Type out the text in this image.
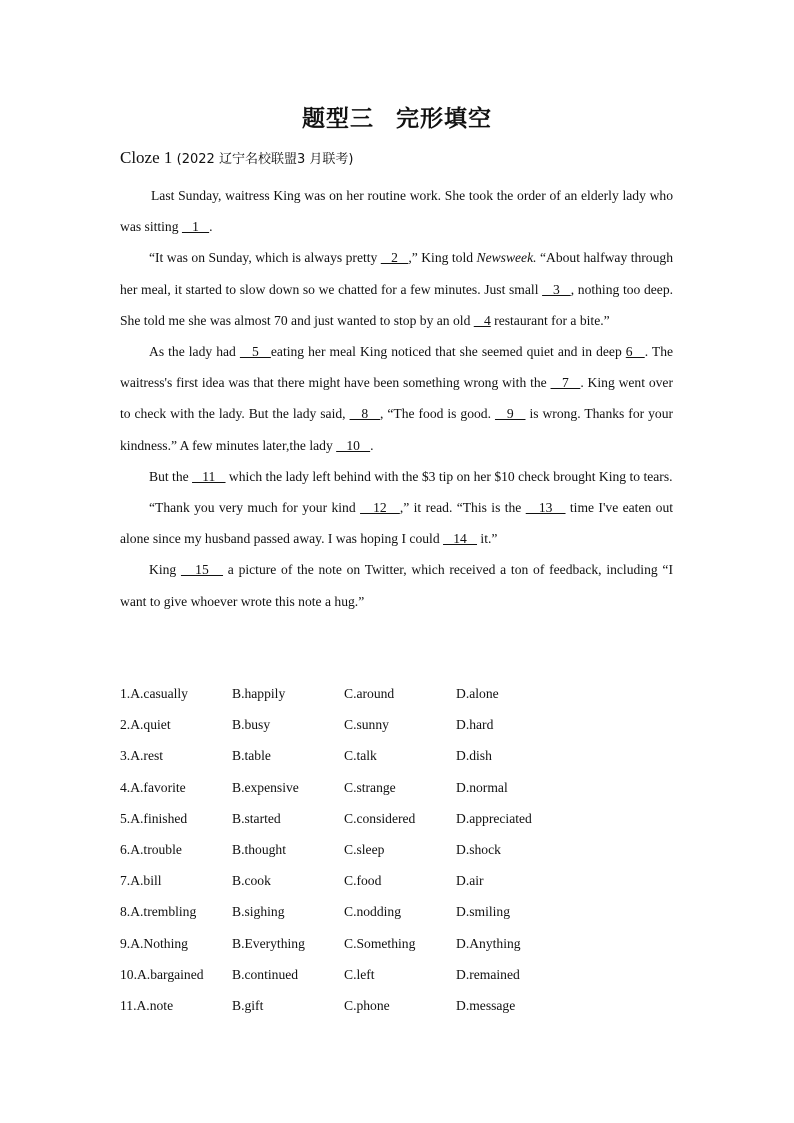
题型三 完形填空
Cloze 1 (2022 辽宁名校联盟3 月联考)

Last Sunday, waitress King was on her routine work. She took the order of an elderly lady who was sitting    1   .

“It was on Sunday, which is always pretty    2   ,” King told Newsweek. “About halfway through her meal, it started to slow down so we chatted for a few minutes. Just small    3   , nothing too deep. She told me she was almost 70 and just wanted to stop by an old    4 restaurant for a bite.”

As the lady had    5   eating her meal King noticed that she seemed quiet and in deep 6   . The waitress's first idea was that there might have been something wrong with the    7   . King went over to check with the lady. But the lady said,    8   , “The food is good.    9    is wrong. Thanks for your kindness.” A few minutes later,the lady    10   .

But the    11    which the lady left behind with the $3 tip on her $10 check brought King to tears.

“Thank you very much for your kind    12   ,” it read. “This is the    13    time I've eaten out alone since my husband passed away. I was hoping I could    14    it.”

King    15    a picture of the note on Twitter, which received a ton of feedback, including “I want to give whoever wrote this note a hug.”

1.A.casually	B.happily	C.around	D.alone
2.A.quiet	B.busy	C.sunny	D.hard
3.A.rest	B.table	C.talk	D.dish
4.A.favorite	B.expensive	C.strange	D.normal
5.A.finished	B.started	C.considered	D.appreciated
6.A.trouble	B.thought	C.sleep	D.shock
7.A.bill	B.cook	C.food	D.air
8.A.trembling	B.sighing	C.nodding	D.smiling
9.A.Nothing	B.Everything	C.Something	D.Anything
10.A.bargained	B.continued	C.left	D.remained
11.A.note	B.gift	C.phone	D.message
